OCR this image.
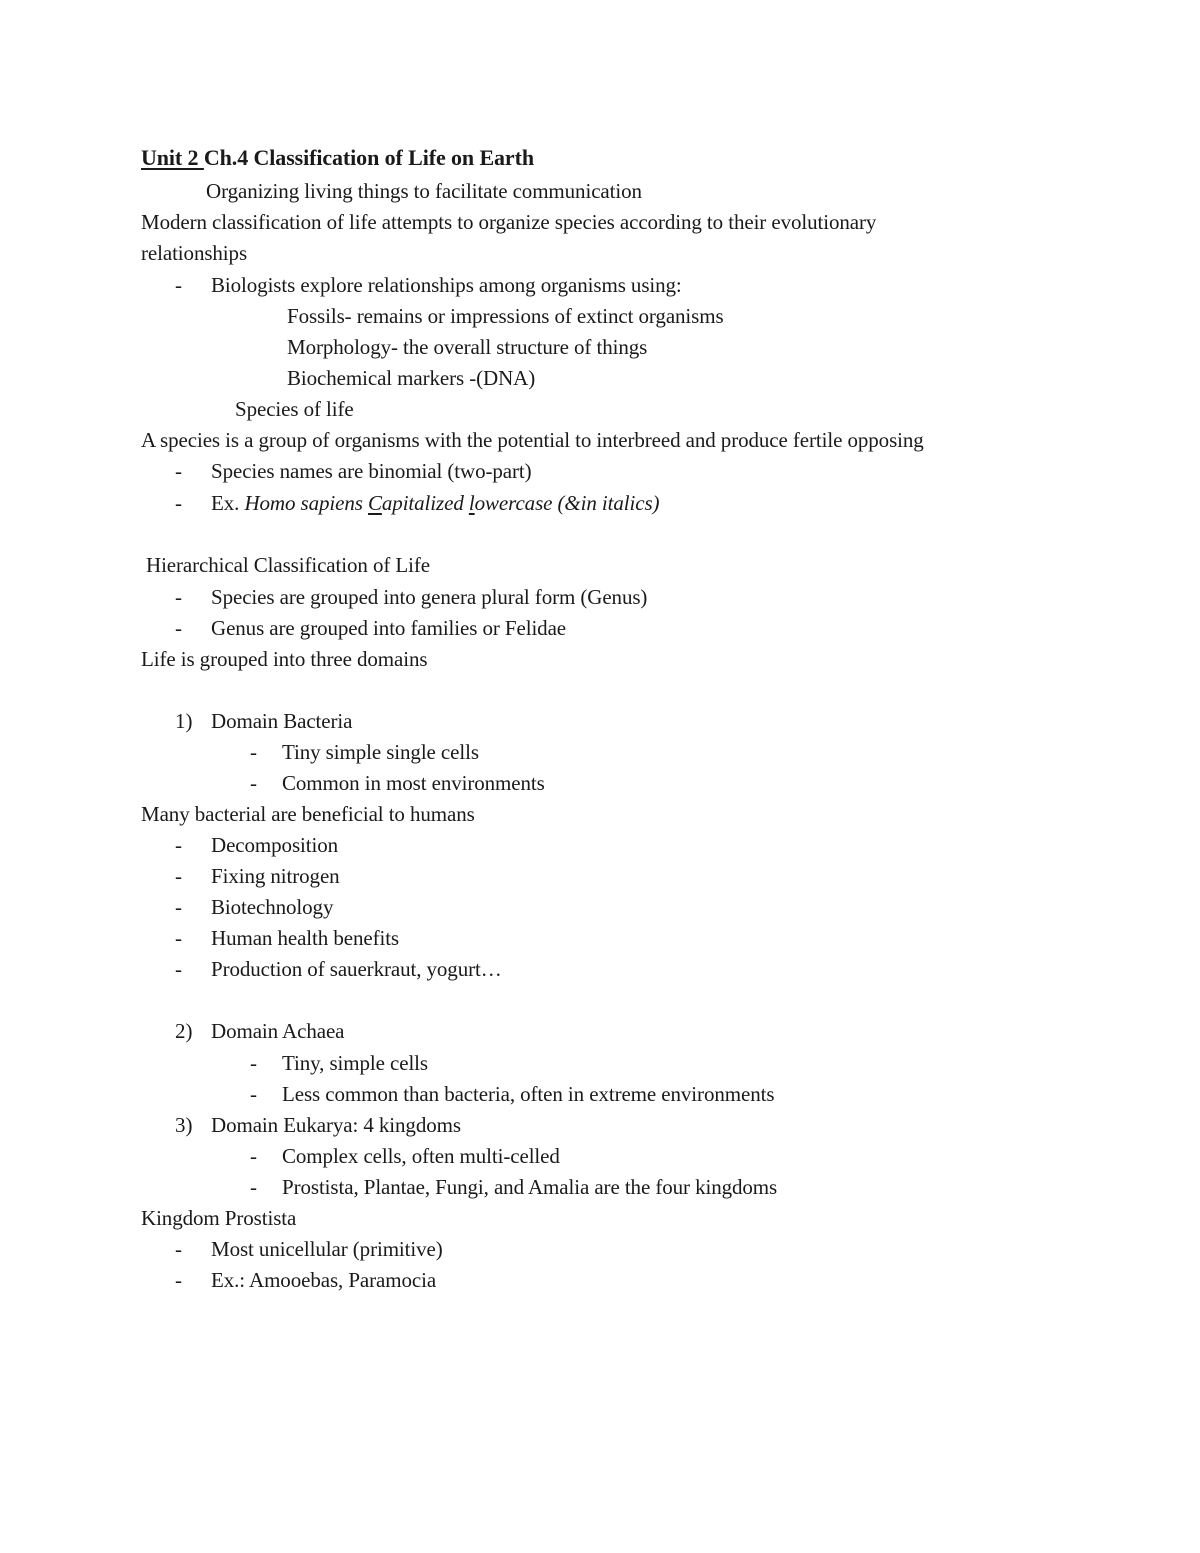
Unit 2 Ch.4 Classification of Life on Earth
Organizing living things to facilitate communication
Modern classification of life attempts to organize species according to their evolutionary
relationships
- Biologists explore relationships among organisms using:
Fossils- remains or impressions of extinct organisms
Morphology- the overall structure of things
Biochemical markers -(DNA)
Species of life
A species is a group of organisms with the potential to interbreed and produce fertile opposing
- Species names are binomial (two-part)
- Ex. Homo sapiens Capitalized lowercase (&in italics)
Hierarchical Classification of Life
- Species are grouped into genera plural form (Genus)
- Genus are grouped into families or Felidae
Life is grouped into three domains
1) Domain Bacteria
- Tiny simple single cells
- Common in most environments
Many bacterial are beneficial to humans
- Decomposition
- Fixing nitrogen
- Biotechnology
- Human health benefits
- Production of sauerkraut, yogurt…
2) Domain Achaea
- Tiny, simple cells
- Less common than bacteria, often in extreme environments
3) Domain Eukarya: 4 kingdoms
- Complex cells, often multi-celled
- Prostista, Plantae, Fungi, and Amalia are the four kingdoms
Kingdom Prostista
- Most unicellular (primitive)
- Ex.: Amooebas, Paramocia
